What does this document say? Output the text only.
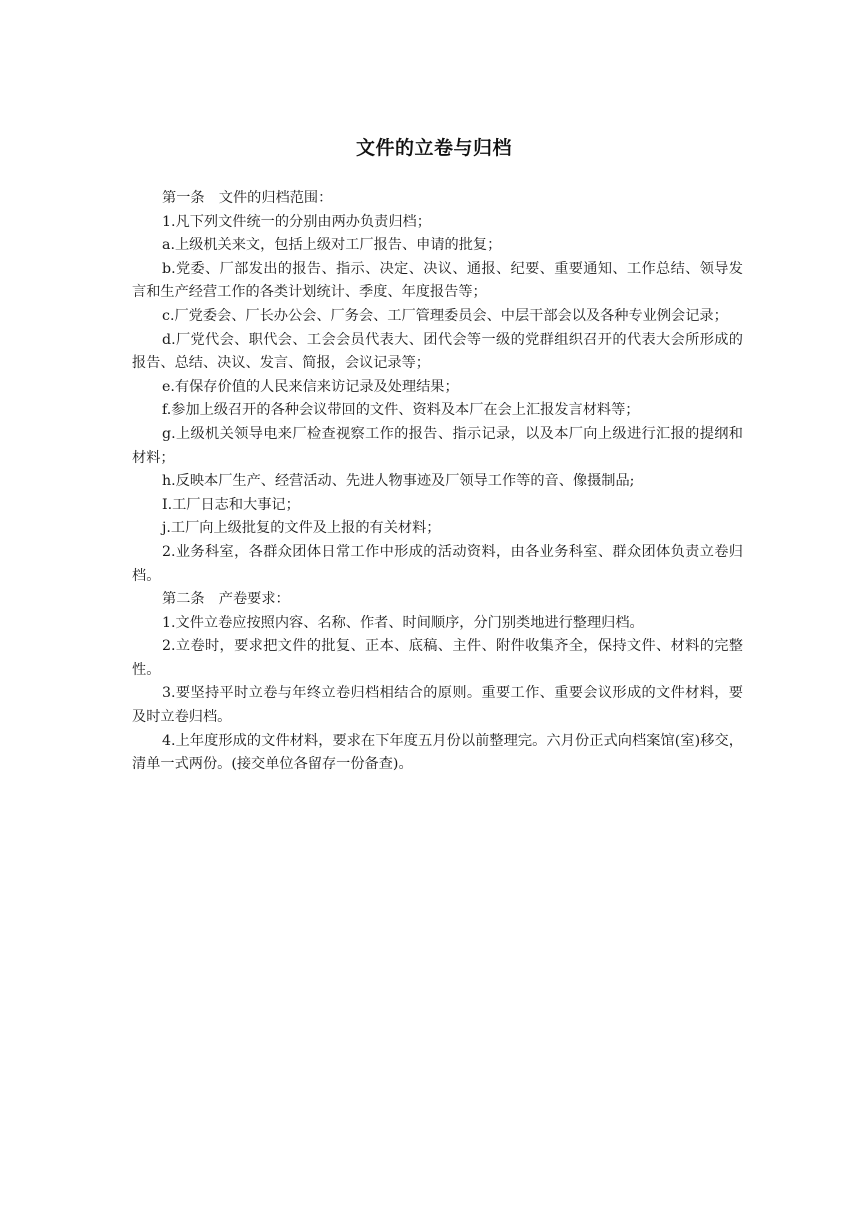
文件的立卷与归档

第一条　文件的归档范围：

1.凡下列文件统一的分别由两办负责归档；

a.上级机关来文，包括上级对工厂报告、申请的批复；

b.党委、厂部发出的报告、指示、决定、决议、通报、纪要、重要通知、工作总结、领导发言和生产经营工作的各类计划统计、季度、年度报告等；

c.厂党委会、厂长办公会、厂务会、工厂管理委员会、中层干部会以及各种专业例会记录；

d.厂党代会、职代会、工会会员代表大、团代会等一级的党群组织召开的代表大会所形成的报告、总结、决议、发言、简报，会议记录等；

e.有保存价值的人民来信来访记录及处理结果；

f.参加上级召开的各种会议带回的文件、资料及本厂在会上汇报发言材料等；

g.上级机关领导电来厂检查视察工作的报告、指示记录，以及本厂向上级进行汇报的提纲和材料；

h.反映本厂生产、经营活动、先进人物事迹及厂领导工作等的音、像摄制品;

I.工厂日志和大事记；

j.工厂向上级批复的文件及上报的有关材料；

2.业务科室，各群众团体日常工作中形成的活动资料，由各业务科室、群众团体负责立卷归档。

第二条　产卷要求：

1.文件立卷应按照内容、名称、作者、时间顺序，分门别类地进行整理归档。

2.立卷时，要求把文件的批复、正本、底稿、主件、附件收集齐全，保持文件、材料的完整性。

3.要坚持平时立卷与年终立卷归档相结合的原则。重要工作、重要会议形成的文件材料，要及时立卷归档。

4.上年度形成的文件材料，要求在下年度五月份以前整理完。六月份正式向档案馆(室)移交，清单一式两份。(接交单位各留存一份备查)。
